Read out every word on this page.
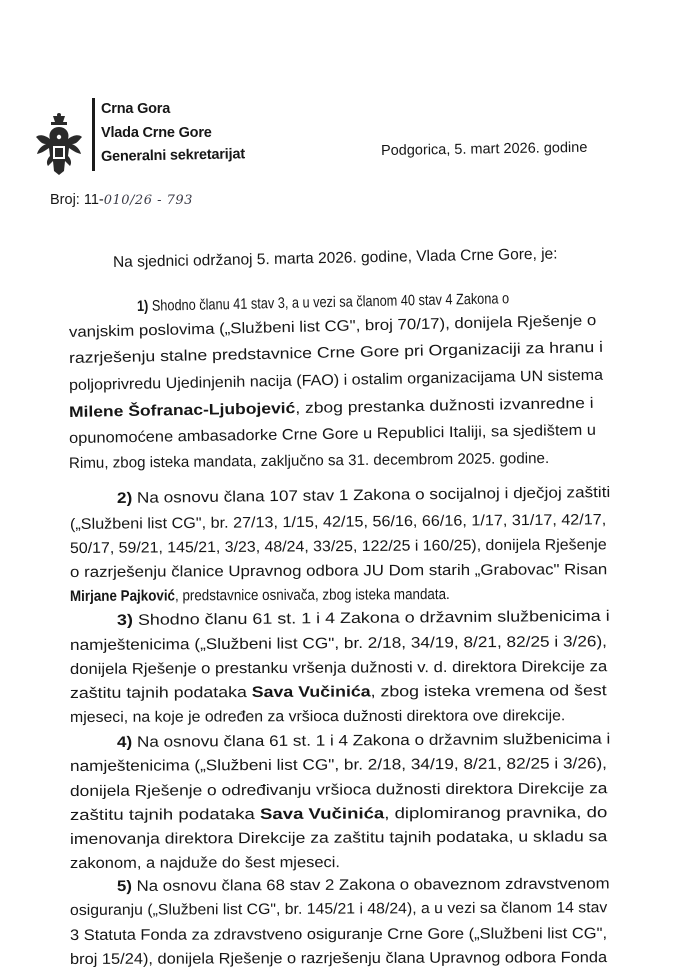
Crna Gora
Vlada Crne Gore
Generalni sekretarijat	Podgorica, 5. mart 2026. godine
Broj: 11-010/26 - 793
Na sjednici održanoj 5. marta 2026. godine, Vlada Crne Gore, je:
1) Shodno članu 41 stav 3, a u vezi sa članom 40 stav 4 Zakona o
vanjskim poslovima („Službeni list CG", broj 70/17), donijela Rješenje o
razrješenju stalne predstavnice Crne Gore pri Organizaciji za hranu i
poljoprivredu Ujedinjenih nacija (FAO) i ostalim organizacijama UN sistema
Milene Šofranac-Ljubojević, zbog prestanka dužnosti izvanredne i
opunomoćene ambasadorke Crne Gore u Republici Italiji, sa sjedištem u
Rimu, zbog isteka mandata, zaključno sa 31. decembrom 2025. godine.
2) Na osnovu člana 107 stav 1 Zakona o socijalnoj i dječjoj zaštiti
(„Službeni list CG", br. 27/13, 1/15, 42/15, 56/16, 66/16, 1/17, 31/17, 42/17,
50/17, 59/21, 145/21, 3/23, 48/24, 33/25, 122/25 i 160/25), donijela Rješenje
o razrješenju članice Upravnog odbora JU Dom starih „Grabovac" Risan
Mirjane Pajković, predstavnice osnivača, zbog isteka mandata.
3) Shodno članu 61 st. 1 i 4 Zakona o državnim službenicima i
namještenicima („Službeni list CG", br. 2/18, 34/19, 8/21, 82/25 i 3/26),
donijela Rješenje o prestanku vršenja dužnosti v. d. direktora Direkcije za
zaštitu tajnih podataka Sava Vučinića, zbog isteka vremena od šest
mjeseci, na koje je određen za vršioca dužnosti direktora ove direkcije.
4) Na osnovu člana 61 st. 1 i 4 Zakona o državnim službenicima i
namještenicima („Službeni list CG", br. 2/18, 34/19, 8/21, 82/25 i 3/26),
donijela Rješenje o određivanju vršioca dužnosti direktora Direkcije za
zaštitu tajnih podataka Sava Vučinića, diplomiranog pravnika, do
imenovanja direktora Direkcije za zaštitu tajnih podataka, u skladu sa
zakonom, a najduže do šest mjeseci.
5) Na osnovu člana 68 stav 2 Zakona o obaveznom zdravstvenom
osiguranju („Službeni list CG", br. 145/21 i 48/24), a u vezi sa članom 14 stav
3 Statuta Fonda za zdravstveno osiguranje Crne Gore („Službeni list CG",
broj 15/24), donijela Rješenje o razrješenju člana Upravnog odbora Fonda
